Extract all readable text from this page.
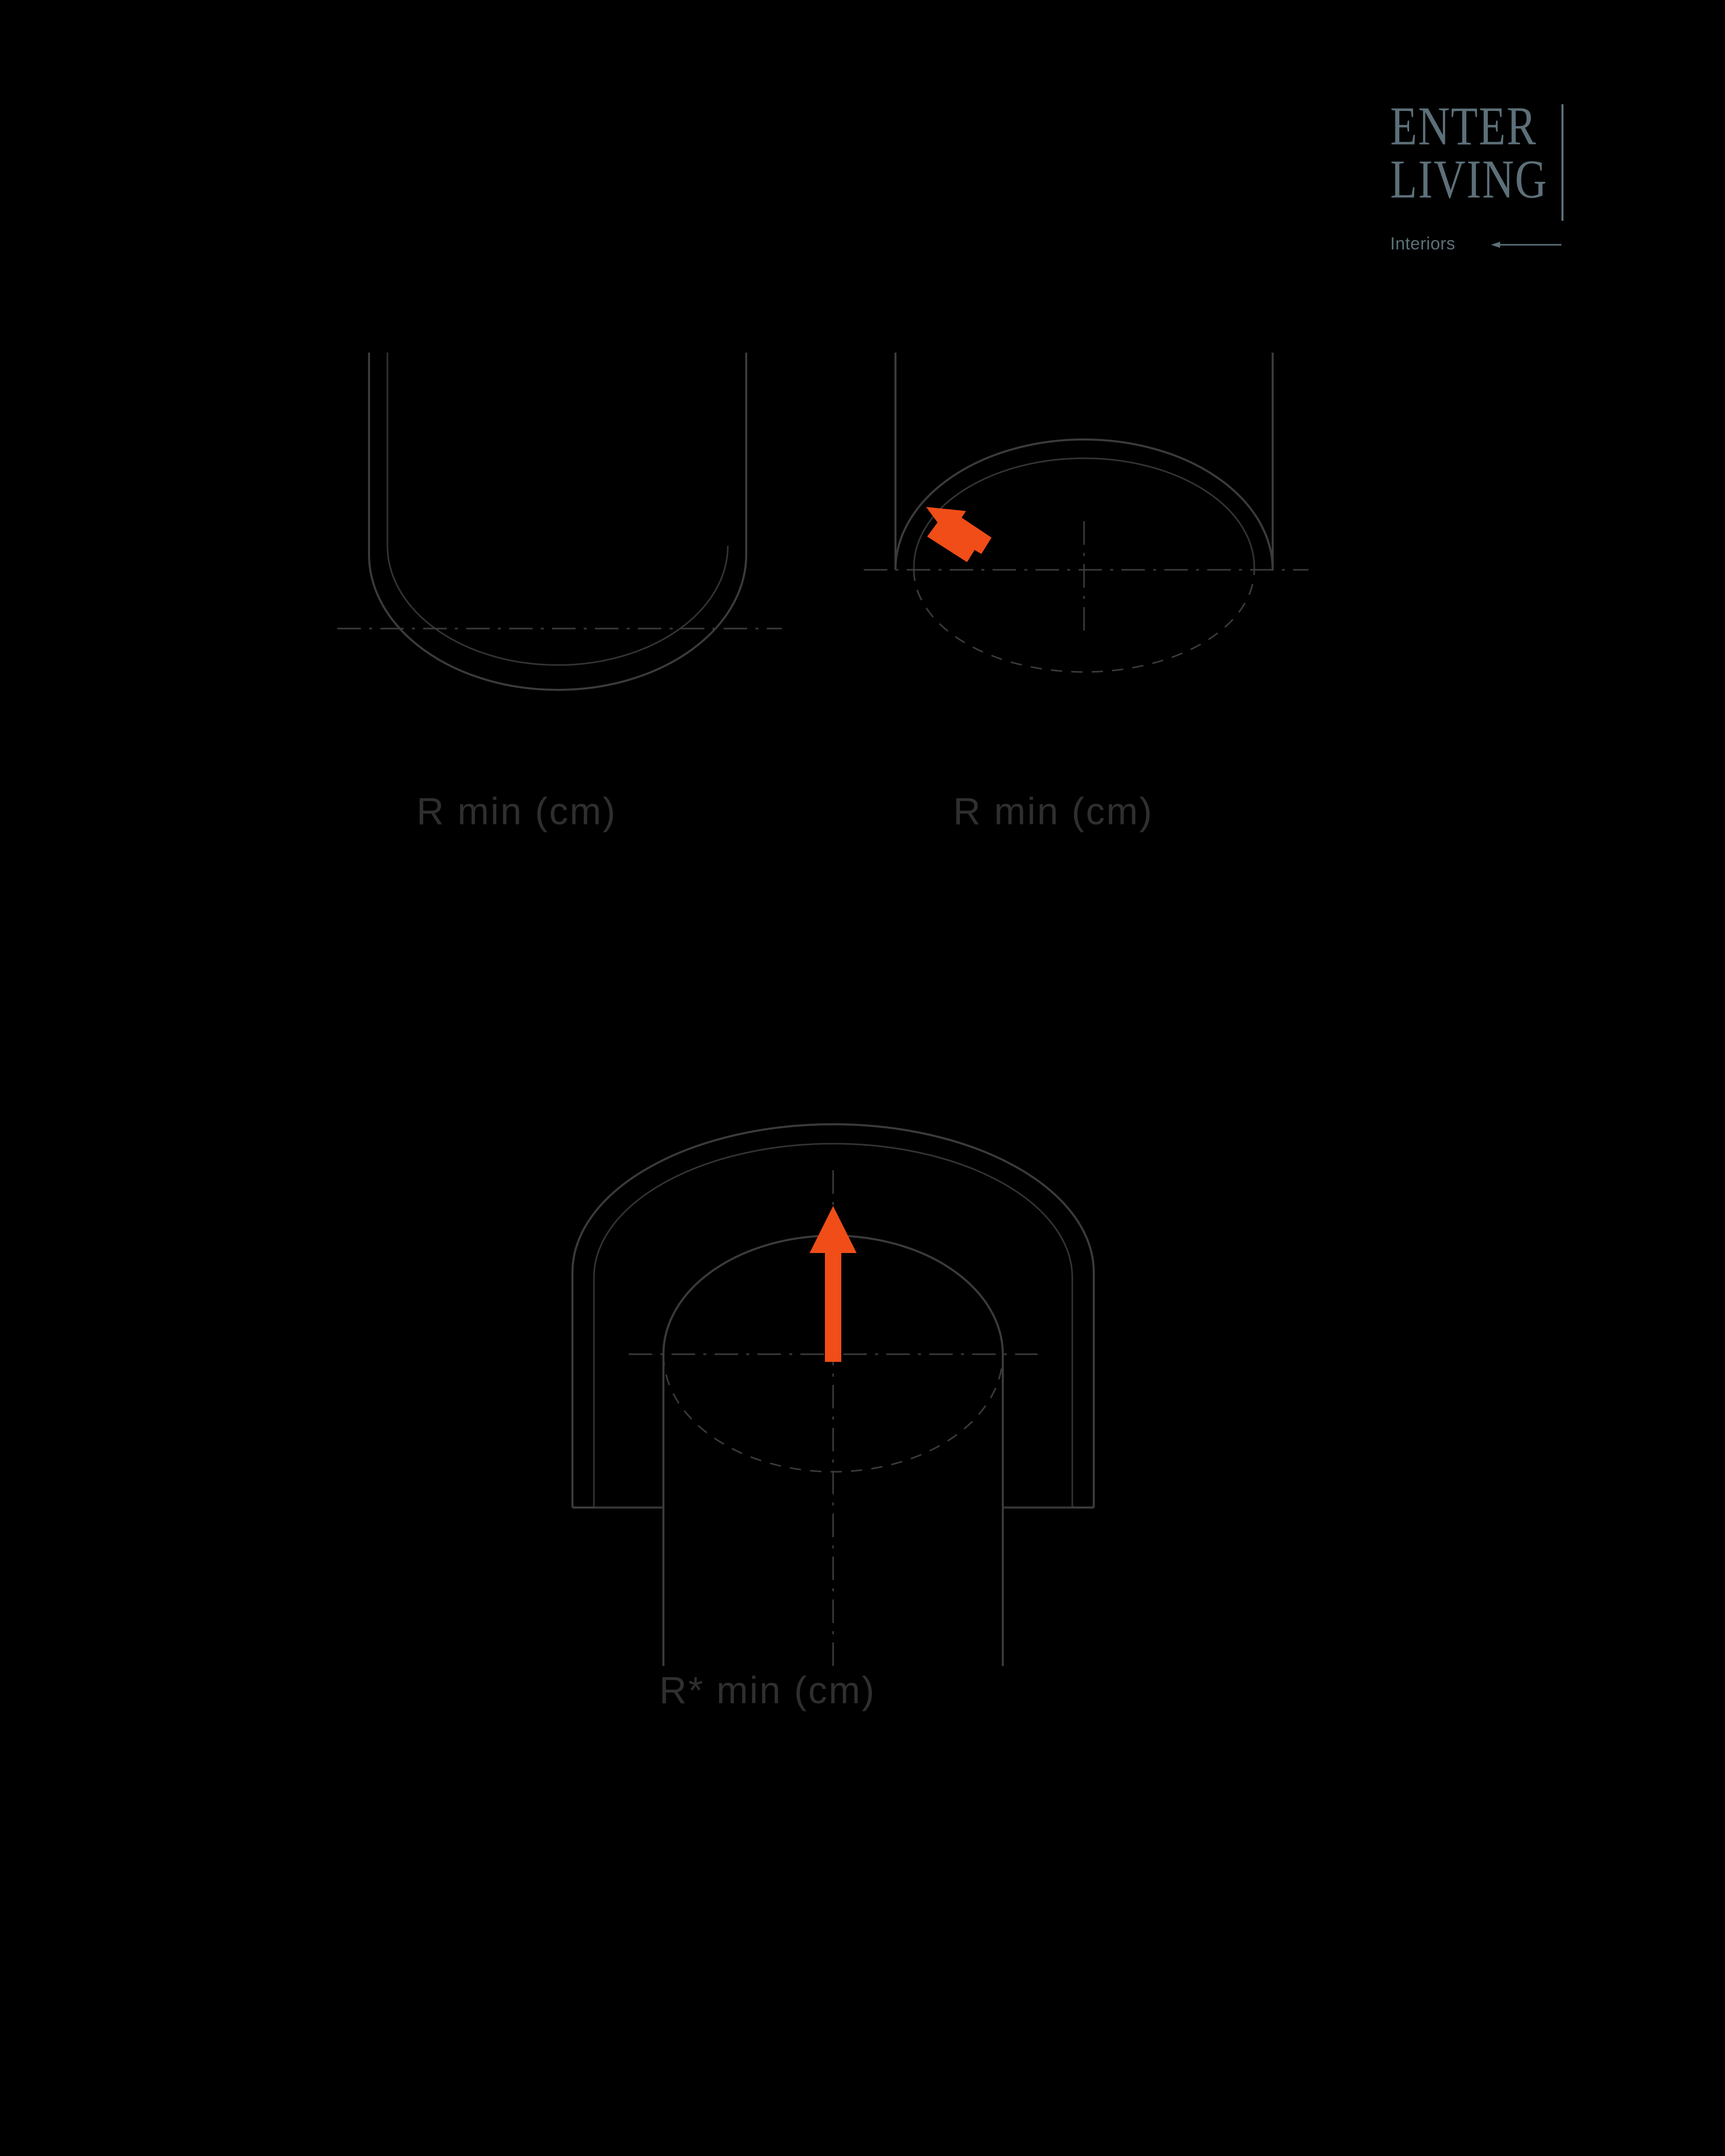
ENTER
LIVING
Interiors
R min (cm)	R min (cm)
R* min (cm)
